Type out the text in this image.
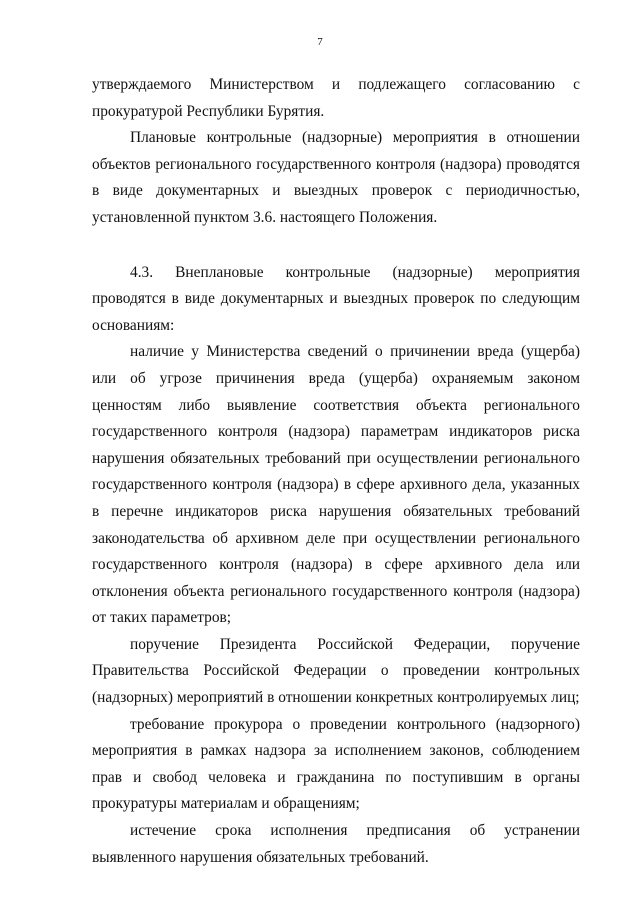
7

утверждаемого Министерством и подлежащего согласованию с прокуратурой Республики Бурятия.

Плановые контрольные (надзорные) мероприятия в отношении объектов регионального государственного контроля (надзора) проводятся в виде документарных и выездных проверок с периодичностью, установленной пунктом 3.6. настоящего Положения.

4.3. Внеплановые контрольные (надзорные) мероприятия проводятся в виде документарных и выездных проверок по следующим основаниям:

наличие у Министерства сведений о причинении вреда (ущерба) или об угрозе причинения вреда (ущерба) охраняемым законом ценностям либо выявление соответствия объекта регионального государственного контроля (надзора) параметрам индикаторов риска нарушения обязательных требований при осуществлении регионального государственного контроля (надзора) в сфере архивного дела, указанных в перечне индикаторов риска нарушения обязательных требований законодательства об архивном деле при осуществлении регионального государственного контроля (надзора) в сфере архивного дела или отклонения объекта регионального государственного контроля (надзора) от таких параметров;

поручение Президента Российской Федерации, поручение Правительства Российской Федерации о проведении контрольных (надзорных) мероприятий в отношении конкретных контролируемых лиц;

требование прокурора о проведении контрольного (надзорного) мероприятия в рамках надзора за исполнением законов, соблюдением прав и свобод человека и гражданина по поступившим в органы прокуратуры материалам и обращениям;

истечение срока исполнения предписания об устранении выявленного нарушения обязательных требований.
